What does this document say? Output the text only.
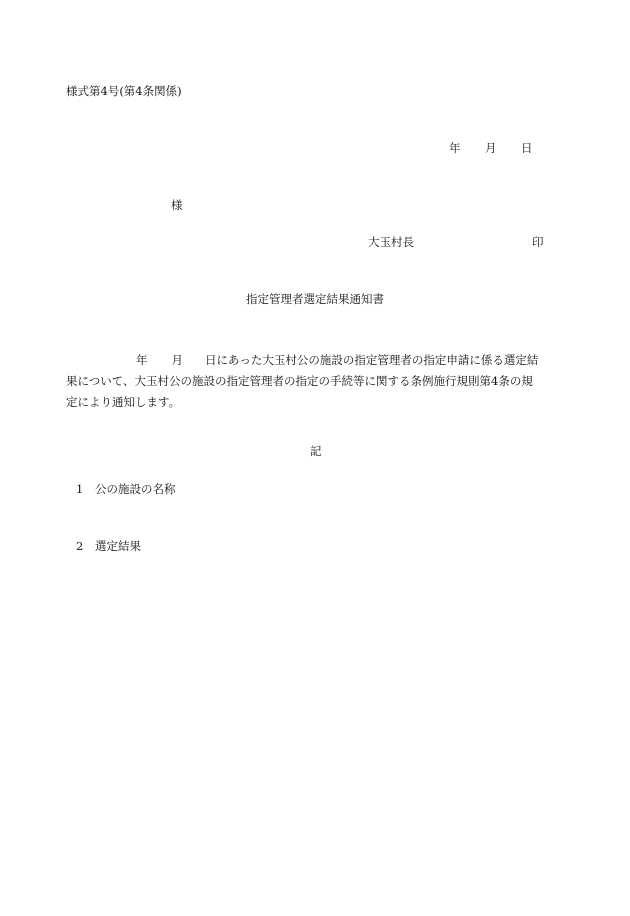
様式第4号(第4条関係)
年 月 日
様
大玉村長	印
指定管理者選定結果通知書
年 月 日にあった大玉村公の施設の指定管理者の指定申請に係る選定結
果について、大玉村公の施設の指定管理者の指定の手続等に関する条例施行規則第4条の規
定により通知します。
記
1 公の施設の名称
2 選定結果
